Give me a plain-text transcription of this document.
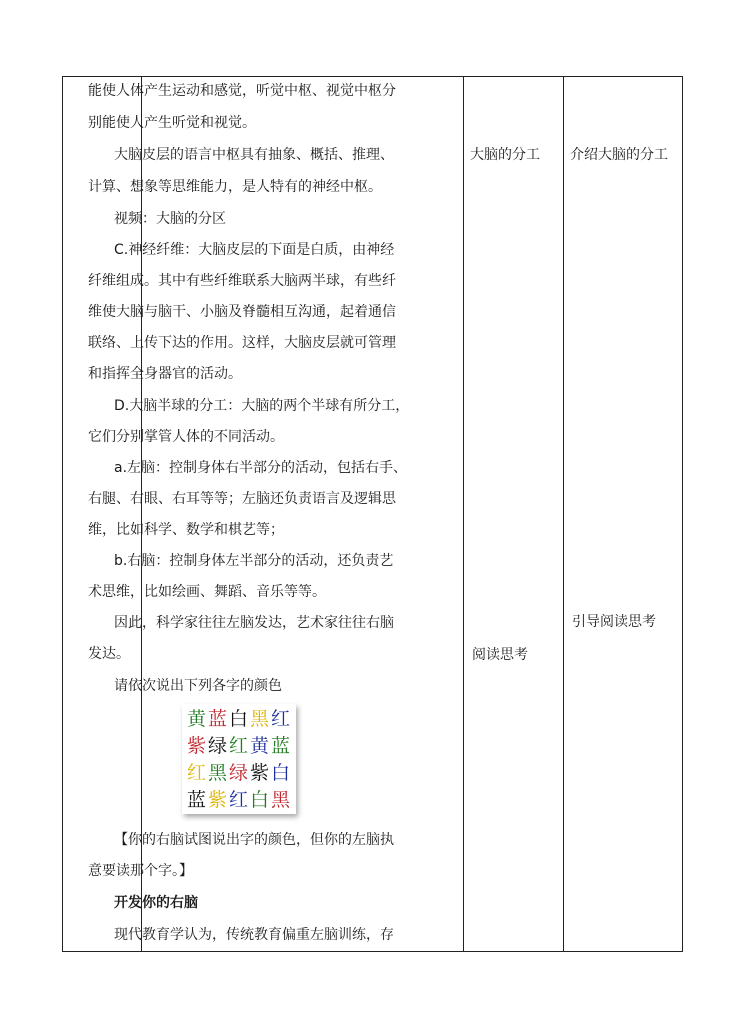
能使人体产生运动和感觉，听觉中枢、视觉中枢分
别能使人产生听觉和视觉。
大脑皮层的语言中枢具有抽象、概括、推理、
计算、想象等思维能力，是人特有的神经中枢。
视频：大脑的分区
C.神经纤维：大脑皮层的下面是白质，由神经
纤维组成。其中有些纤维联系大脑两半球，有些纤
维使大脑与脑干、小脑及脊髓相互沟通，起着通信
联络、上传下达的作用。这样，大脑皮层就可管理
和指挥全身器官的活动。
D.大脑半球的分工：大脑的两个半球有所分工，
它们分别掌管人体的不同活动。
a.左脑：控制身体右半部分的活动，包括右手、
右腿、右眼、右耳等等；左脑还负责语言及逻辑思
维，比如科学、数学和棋艺等；
b.右脑：控制身体左半部分的活动，还负责艺
术思维，比如绘画、舞蹈、音乐等等。
因此，科学家往往左脑发达，艺术家往往右脑
发达。
请依次说出下列各字的颜色
黄 蓝 白 黑 红
紫 绿 红 黄 蓝
红 黑 绿 紫 白
蓝 紫 红 白 黑
【你的右脑试图说出字的颜色，但你的左脑执
意要读那个字。】
开发你的右脑
现代教育学认为，传统教育偏重左脑训练，存
大脑的分工 介绍大脑的分工
阅读思考
引导阅读思考
